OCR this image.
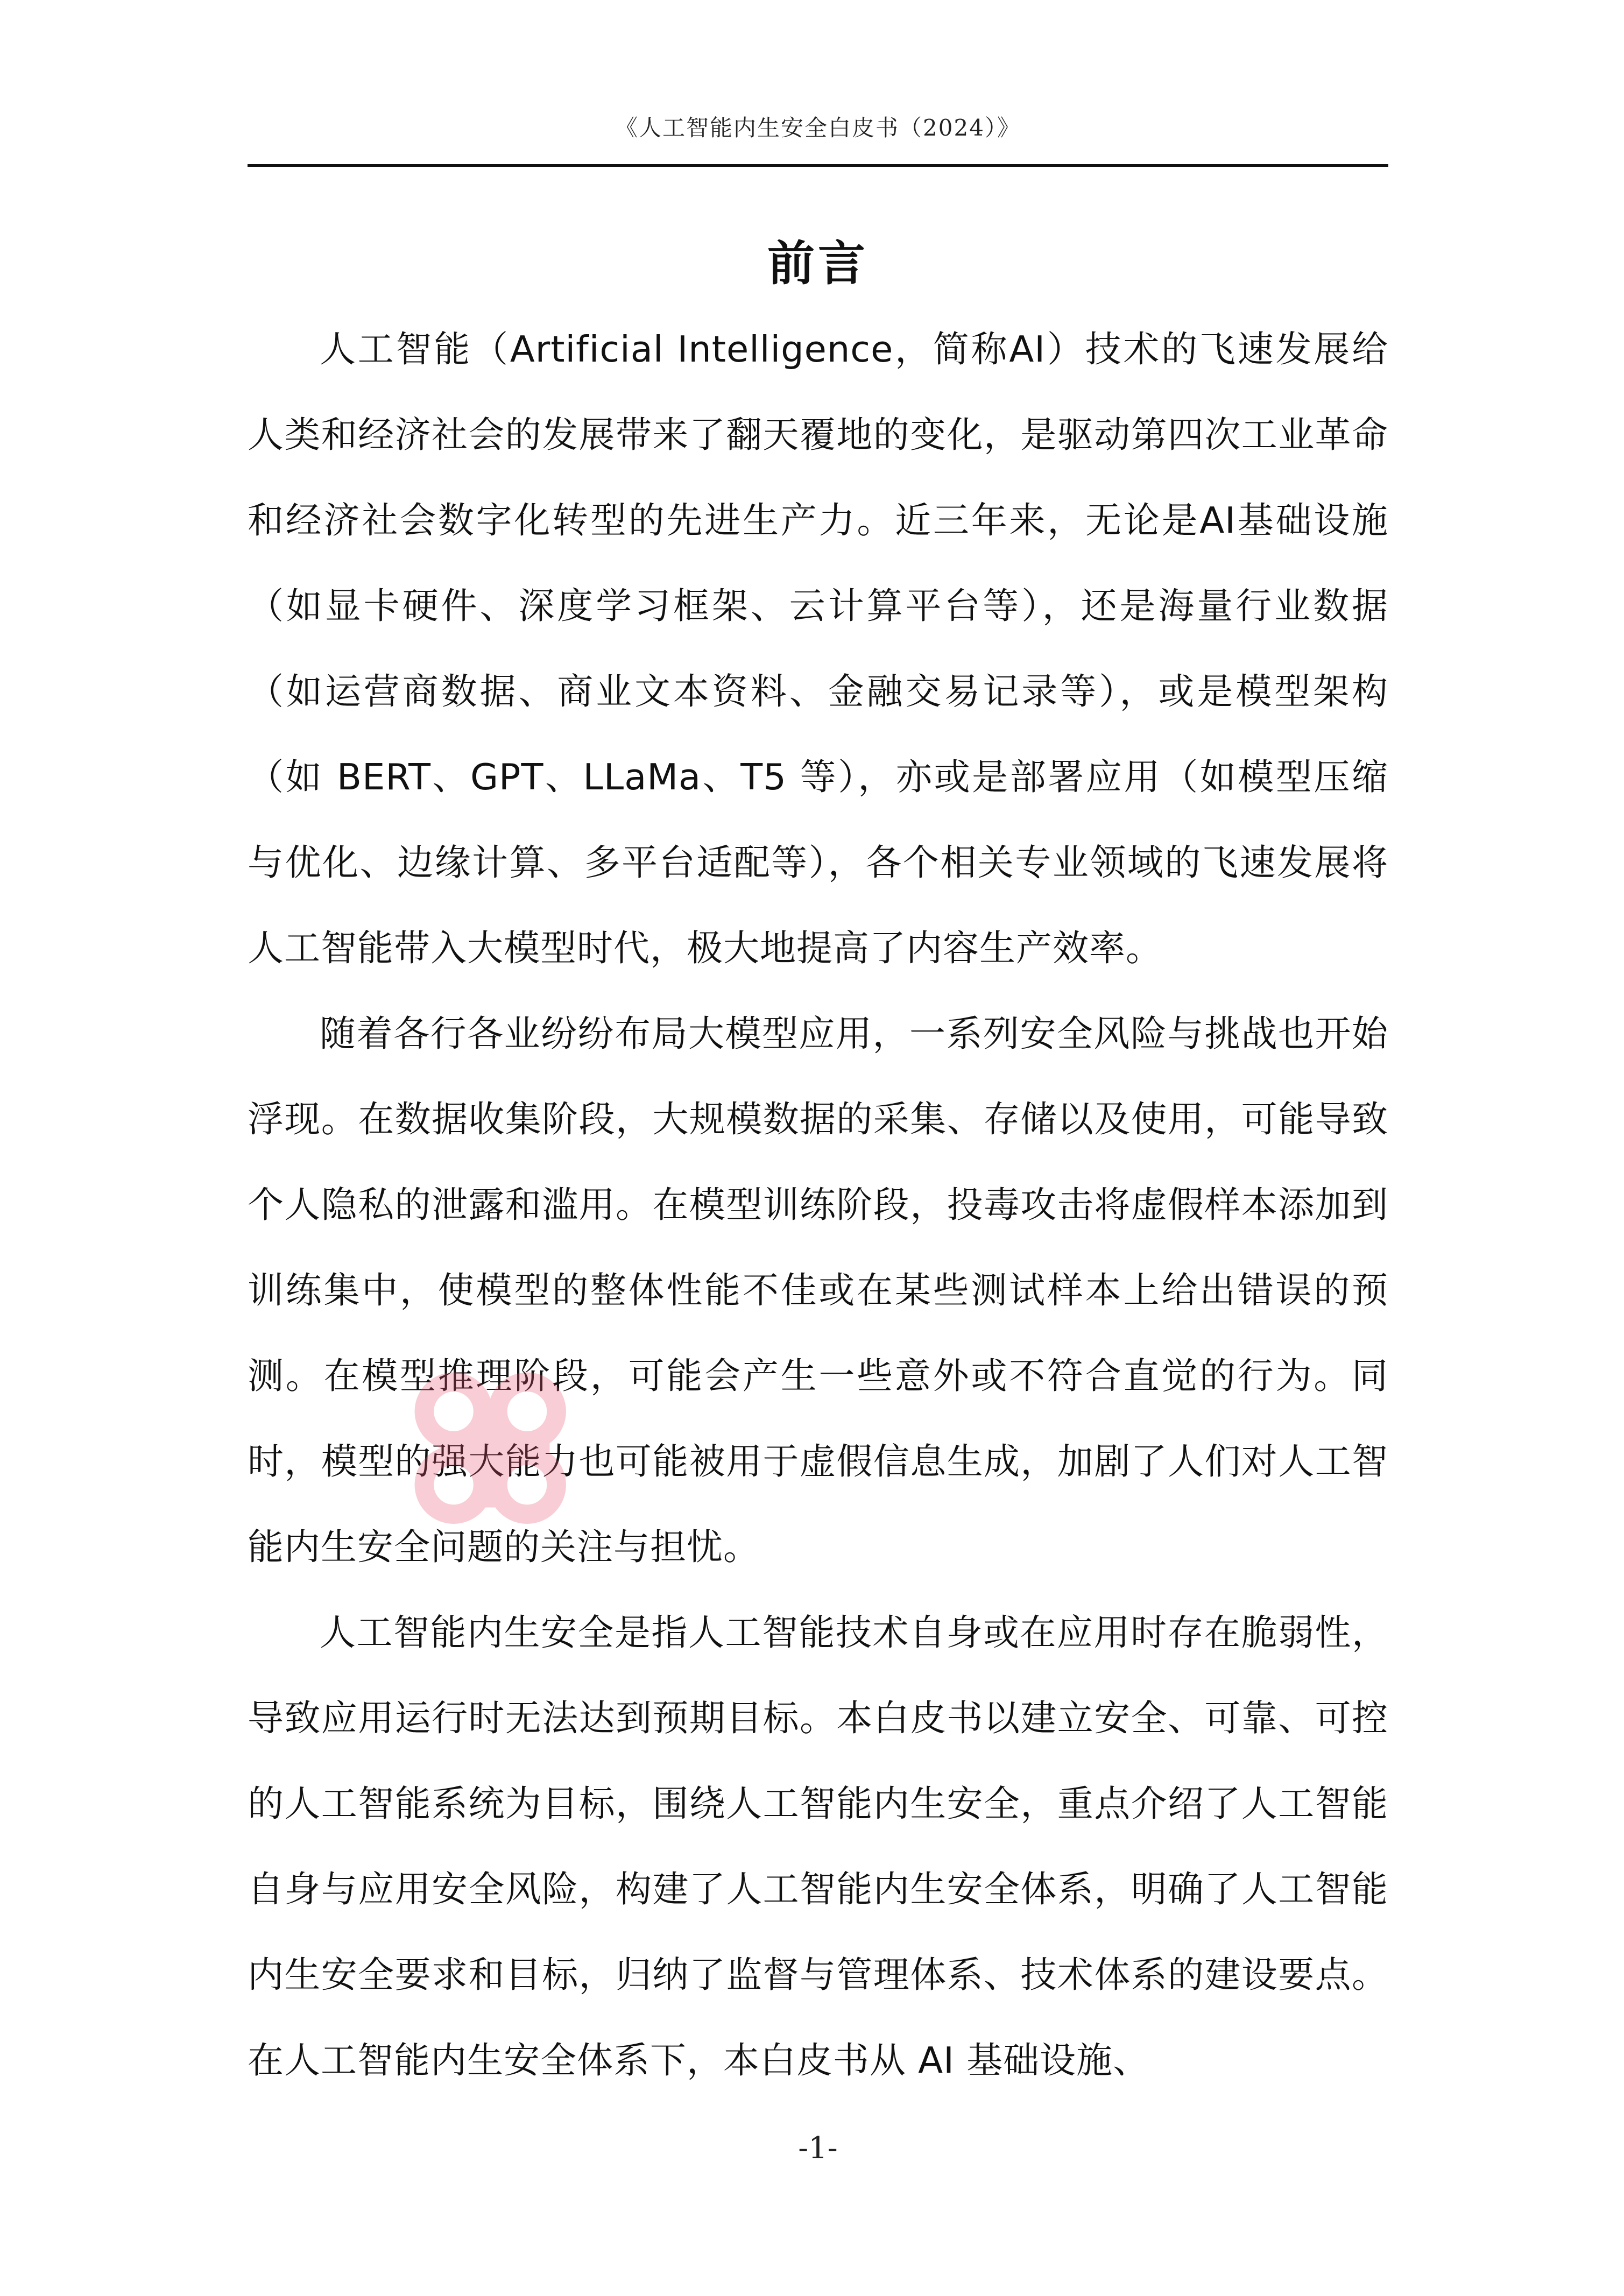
《人工智能内生安全白皮书（2024）》
前言

人工智能（Artificial Intelligence，简称AI）技术的飞速发展给人类和经济社会的发展带来了翻天覆地的变化，是驱动第四次工业革命和经济社会数字化转型的先进生产力。近三年来，无论是AI基础设施（如显卡硬件、深度学习框架、云计算平台等），还是海量行业数据（如运营商数据、商业文本资料、金融交易记录等），或是模型架构（如 BERT、GPT、LLaMa、T5 等），亦或是部署应用（如模型压缩与优化、边缘计算、多平台适配等），各个相关专业领域的飞速发展将人工智能带入大模型时代，极大地提高了内容生产效率。

随着各行各业纷纷布局大模型应用，一系列安全风险与挑战也开始浮现。在数据收集阶段，大规模数据的采集、存储以及使用，可能导致个人隐私的泄露和滥用。在模型训练阶段，投毒攻击将虚假样本添加到训练集中，使模型的整体性能不佳或在某些测试样本上给出错误的预测。在模型推理阶段，可能会产生一些意外或不符合直觉的行为。同时，模型的强大能力也可能被用于虚假信息生成，加剧了人们对人工智能内生安全问题的关注与担忧。

人工智能内生安全是指人工智能技术自身或在应用时存在脆弱性，导致应用运行时无法达到预期目标。本白皮书以建立安全、可靠、可控的人工智能系统为目标，围绕人工智能内生安全，重点介绍了人工智能自身与应用安全风险，构建了人工智能内生安全体系，明确了人工智能内生安全要求和目标，归纳了监督与管理体系、技术体系的建设要点。在人工智能内生安全体系下，本白皮书从 AI 基础设施、

-1-
